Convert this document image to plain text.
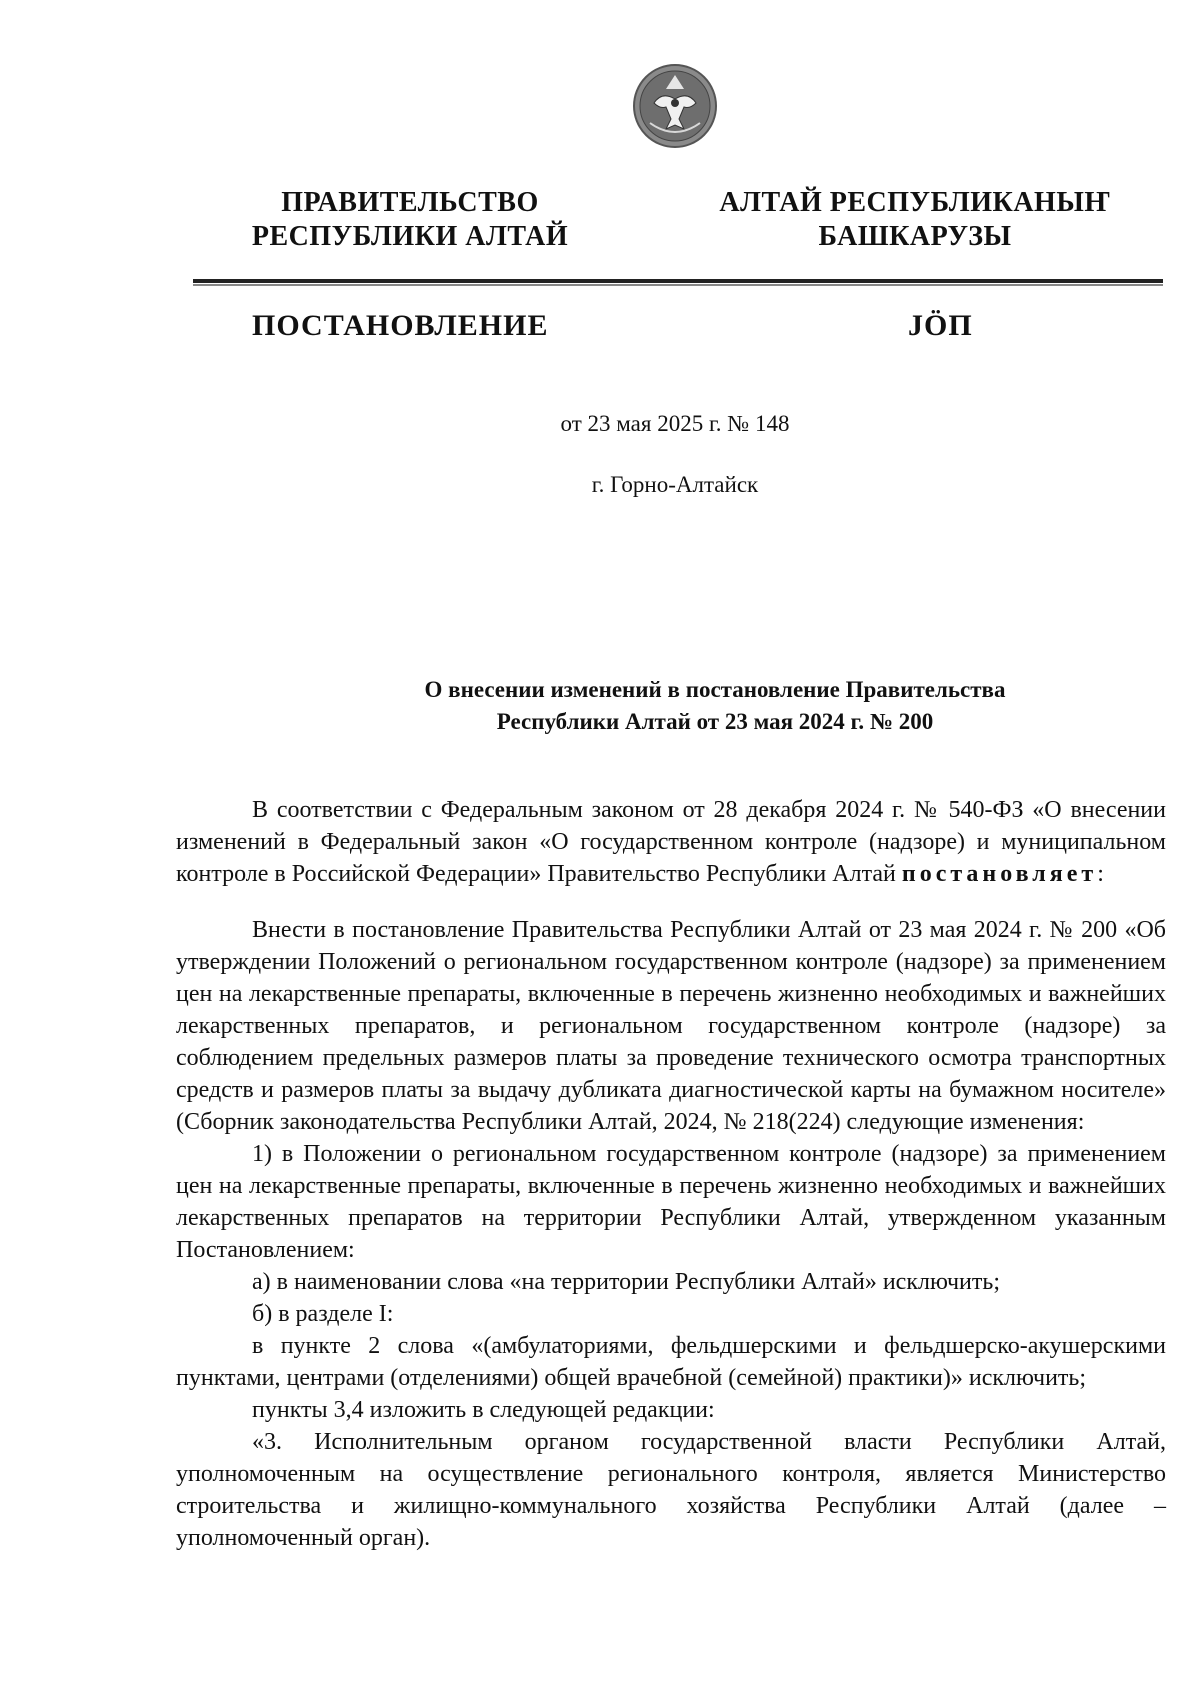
ПРАВИТЕЛЬСТВО
РЕСПУБЛИКИ АЛТАЙ
АЛТАЙ РЕСПУБЛИКАНЫҤ
БАШКАРУЗЫ
ПОСТАНОВЛЕНИЕ	JÖП
от 23 мая 2025 г. № 148
г. Горно-Алтайск
О внесении изменений в постановление Правительства
Республики Алтай от 23 мая 2024 г. № 200

В соответствии с Федеральным законом от 28 декабря 2024 г. № 540-ФЗ «О внесении изменений в Федеральный закон «О государственном контроле (надзоре) и муниципальном контроле в Российской Федерации» Правительство Республики Алтай постановляет:

Внести в постановление Правительства Республики Алтай от 23 мая 2024 г. № 200 «Об утверждении Положений о региональном государственном контроле (надзоре) за применением цен на лекарственные препараты, включенные в перечень жизненно необходимых и важнейших лекарственных препаратов, и региональном государственном контроле (надзоре) за соблюдением предельных размеров платы за проведение технического осмотра транспортных средств и размеров платы за выдачу дубликата диагностической карты на бумажном носителе» (Сборник законодательства Республики Алтай, 2024, № 218(224) следующие изменения:

1) в Положении о региональном государственном контроле (надзоре) за применением цен на лекарственные препараты, включенные в перечень жизненно необходимых и важнейших лекарственных препаратов на территории Республики Алтай, утвержденном указанным Постановлением:

а) в наименовании слова «на территории Республики Алтай» исключить;

б) в разделе I:

в пункте 2 слова «(амбулаториями, фельдшерскими и фельдшерско-акушерскими пунктами, центрами (отделениями) общей врачебной (семейной) практики)» исключить;

пункты 3,4 изложить в следующей редакции:

«3. Исполнительным органом государственной власти Республики Алтай, уполномоченным на осуществление регионального контроля, является Министерство строительства и жилищно-коммунального хозяйства Республики Алтай (далее – уполномоченный орган).
